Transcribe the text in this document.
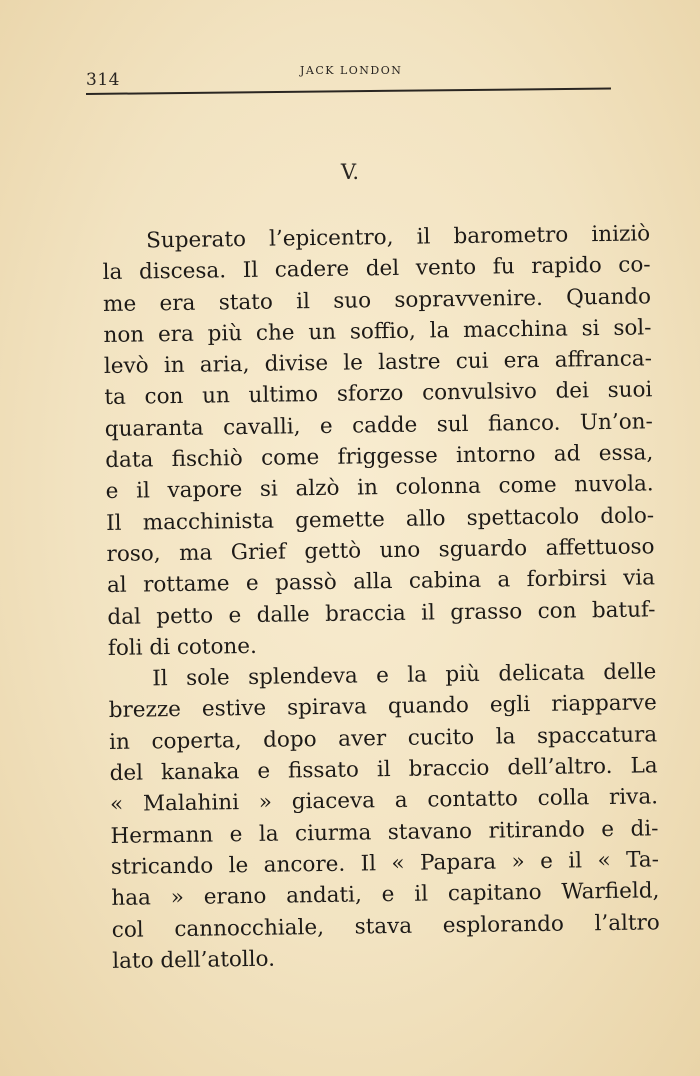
314	JACK LONDON
V.
Superato l’epicentro, il barometro iniziò
la discesa. Il cadere del vento fu rapido co-
me era stato il suo sopravvenire. Quando
non era più che un soffio, la macchina si sol-
levò in aria, divise le lastre cui era affranca-
ta con un ultimo sforzo convulsivo dei suoi
quaranta cavalli, e cadde sul fianco. Un’on-
data fischiò come friggesse intorno ad essa,
e il vapore si alzò in colonna come nuvola.
Il macchinista gemette allo spettacolo dolo-
roso, ma Grief gettò uno sguardo affettuoso
al rottame e passò alla cabina a forbirsi via
dal petto e dalle braccia il grasso con batuf-
foli di cotone.
Il sole splendeva e la più delicata delle
brezze estive spirava quando egli riapparve
in coperta, dopo aver cucito la spaccatura
del kanaka e fissato il braccio dell’altro. La
« Malahini » giaceva a contatto colla riva.
Hermann e la ciurma stavano ritirando e di-
stricando le ancore. Il « Papara » e il « Ta-
haa » erano andati, e il capitano Warfield,
col cannocchiale, stava esplorando l’altro
lato dell’atollo.
